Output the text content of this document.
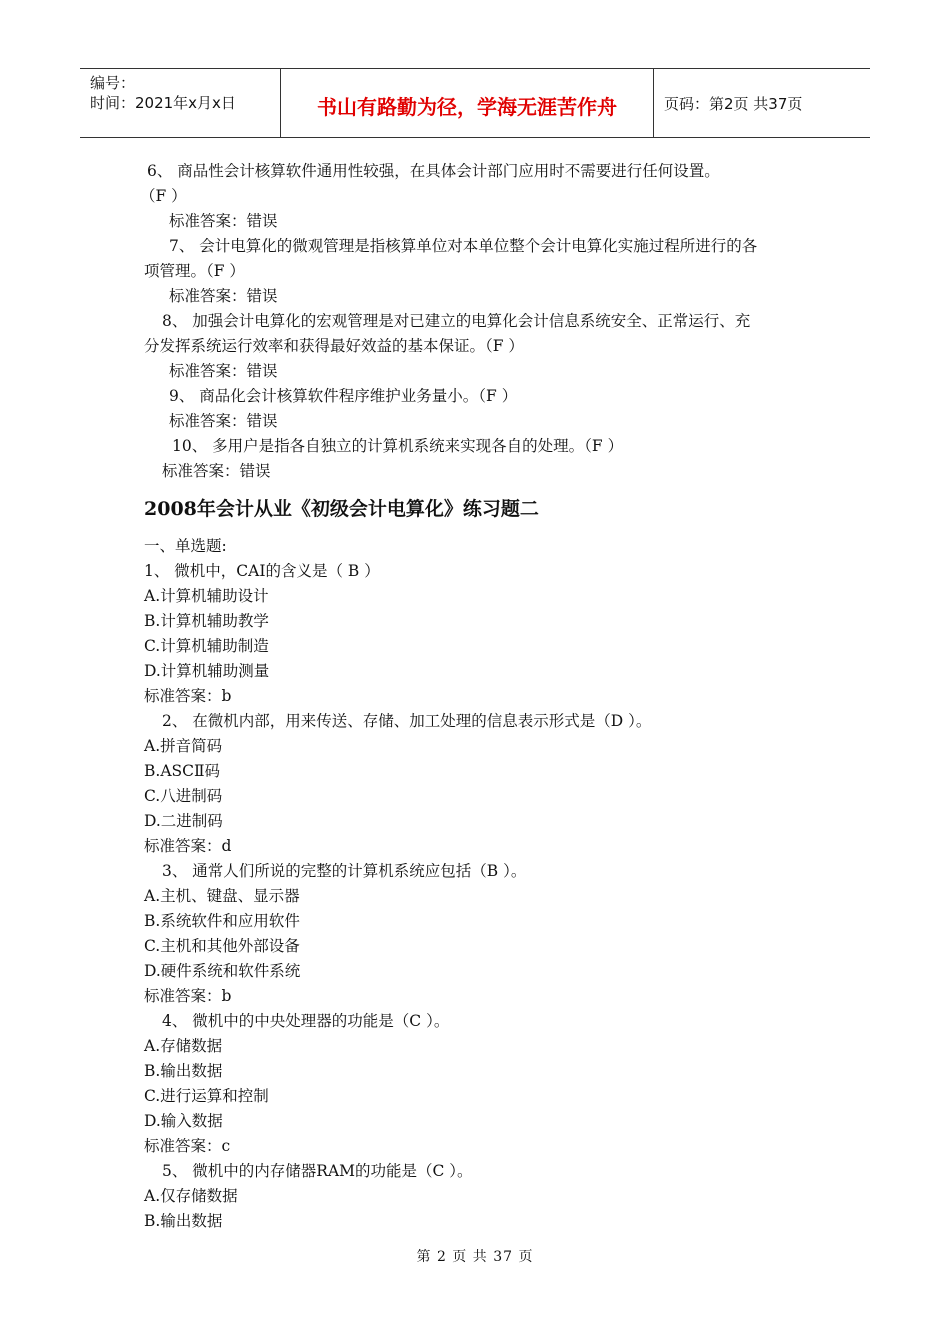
编号：
时间：2021年x月x日	书山有路勤为径，学海无涯苦作舟	页码：第2页 共37页
6、 商品性会计核算软件通用性较强，在具体会计部门应用时不需要进行任何设置。
（F ）
标准答案：错误
7、 会计电算化的微观管理是指核算单位对本单位整个会计电算化实施过程所进行的各
项管理。（F ）
标准答案：错误
8、 加强会计电算化的宏观管理是对已建立的电算化会计信息系统安全、正常运行、充
分发挥系统运行效率和获得最好效益的基本保证。（F ）
标准答案：错误
9、 商品化会计核算软件程序维护业务量小。（F ）
标准答案：错误
10、 多用户是指各自独立的计算机系统来实现各自的处理。（F ）
标准答案：错误
2008年会计从业《初级会计电算化》练习题二
一、单选题:
1、 微机中，CAI的含义是（ B ）
A.计算机辅助设计
B.计算机辅助教学
C.计算机辅助制造
D.计算机辅助测量
标准答案：b
2、 在微机内部，用来传送、存储、加工处理的信息表示形式是（D ）。
A.拼音简码
B.ASCⅡ码
C.八进制码
D.二进制码
标准答案：d
3、 通常人们所说的完整的计算机系统应包括（B ）。
A.主机、键盘、显示器
B.系统软件和应用软件
C.主机和其他外部设备
D.硬件系统和软件系统
标准答案：b
4、 微机中的中央处理器的功能是（C ）。
A.存储数据
B.输出数据
C.进行运算和控制
D.输入数据
标准答案：c
5、 微机中的内存储器RAM的功能是（C ）。
A.仅存储数据
B.输出数据
第 2 页 共 37 页
